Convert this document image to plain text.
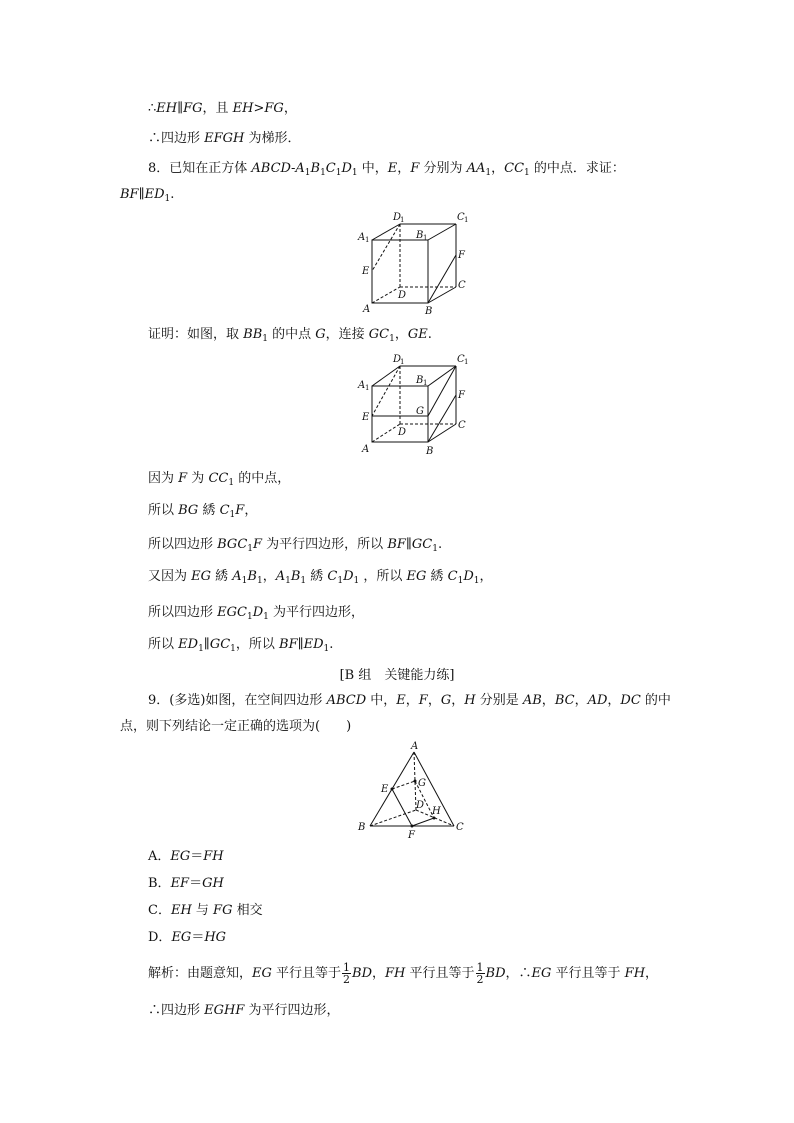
∴EH∥FG，且 EH>FG，
∴四边形 EFGH 为梯形．
8．已知在正方体 ABCD-$A_1B_1C_1D_1$ 中，E，F 分别为 $AA_1$，$CC_1$ 的中点．求证：
$BF\parallel ED_1$.
D
1	C 1
A 1	B 1
F
E
D
C
A	B
证明：如图，取 $BB_1$ 的中点 G，连接 $GC_1$，GE.
D
1	C 1
A 1
B 1
F
G
E
D
C
A	B
因为 F 为 $CC_1$ 的中点，
所以 BG 綉 $C_1F$，
所以四边形 $BGC_1F$ 为平行四边形，所以 $BF\parallel GC_1$.
又因为 EG 綉 $A_1B_1$，$A_1B_1$ 綉 $C_1D_1$ ，所以 EG 綉 $C_1D_1$，
所以四边形 $EGC_1D_1$ 为平行四边形，
所以 $ED_1\parallel GC_1$，所以 $BF\parallel ED_1$.
[B 组　关键能力练]
9．(多选)如图，在空间四边形 ABCD 中，E，F，G，H 分别是 AB，BC，AD，DC 的中
点，则下列结论一定正确的选项为(　　)
A
E
G
D
H
B	C
F
A．EG＝FH
B．EF＝GH
C．EH 与 FG 相交
D．EG＝HG
解析：由题意知，EG 平行且等于 $\frac{1}{2}$ BD，FH 平行且等于 $\frac{1}{2}$ BD，∴EG 平行且等于 FH，
∴四边形 EGHF 为平行四边形，
